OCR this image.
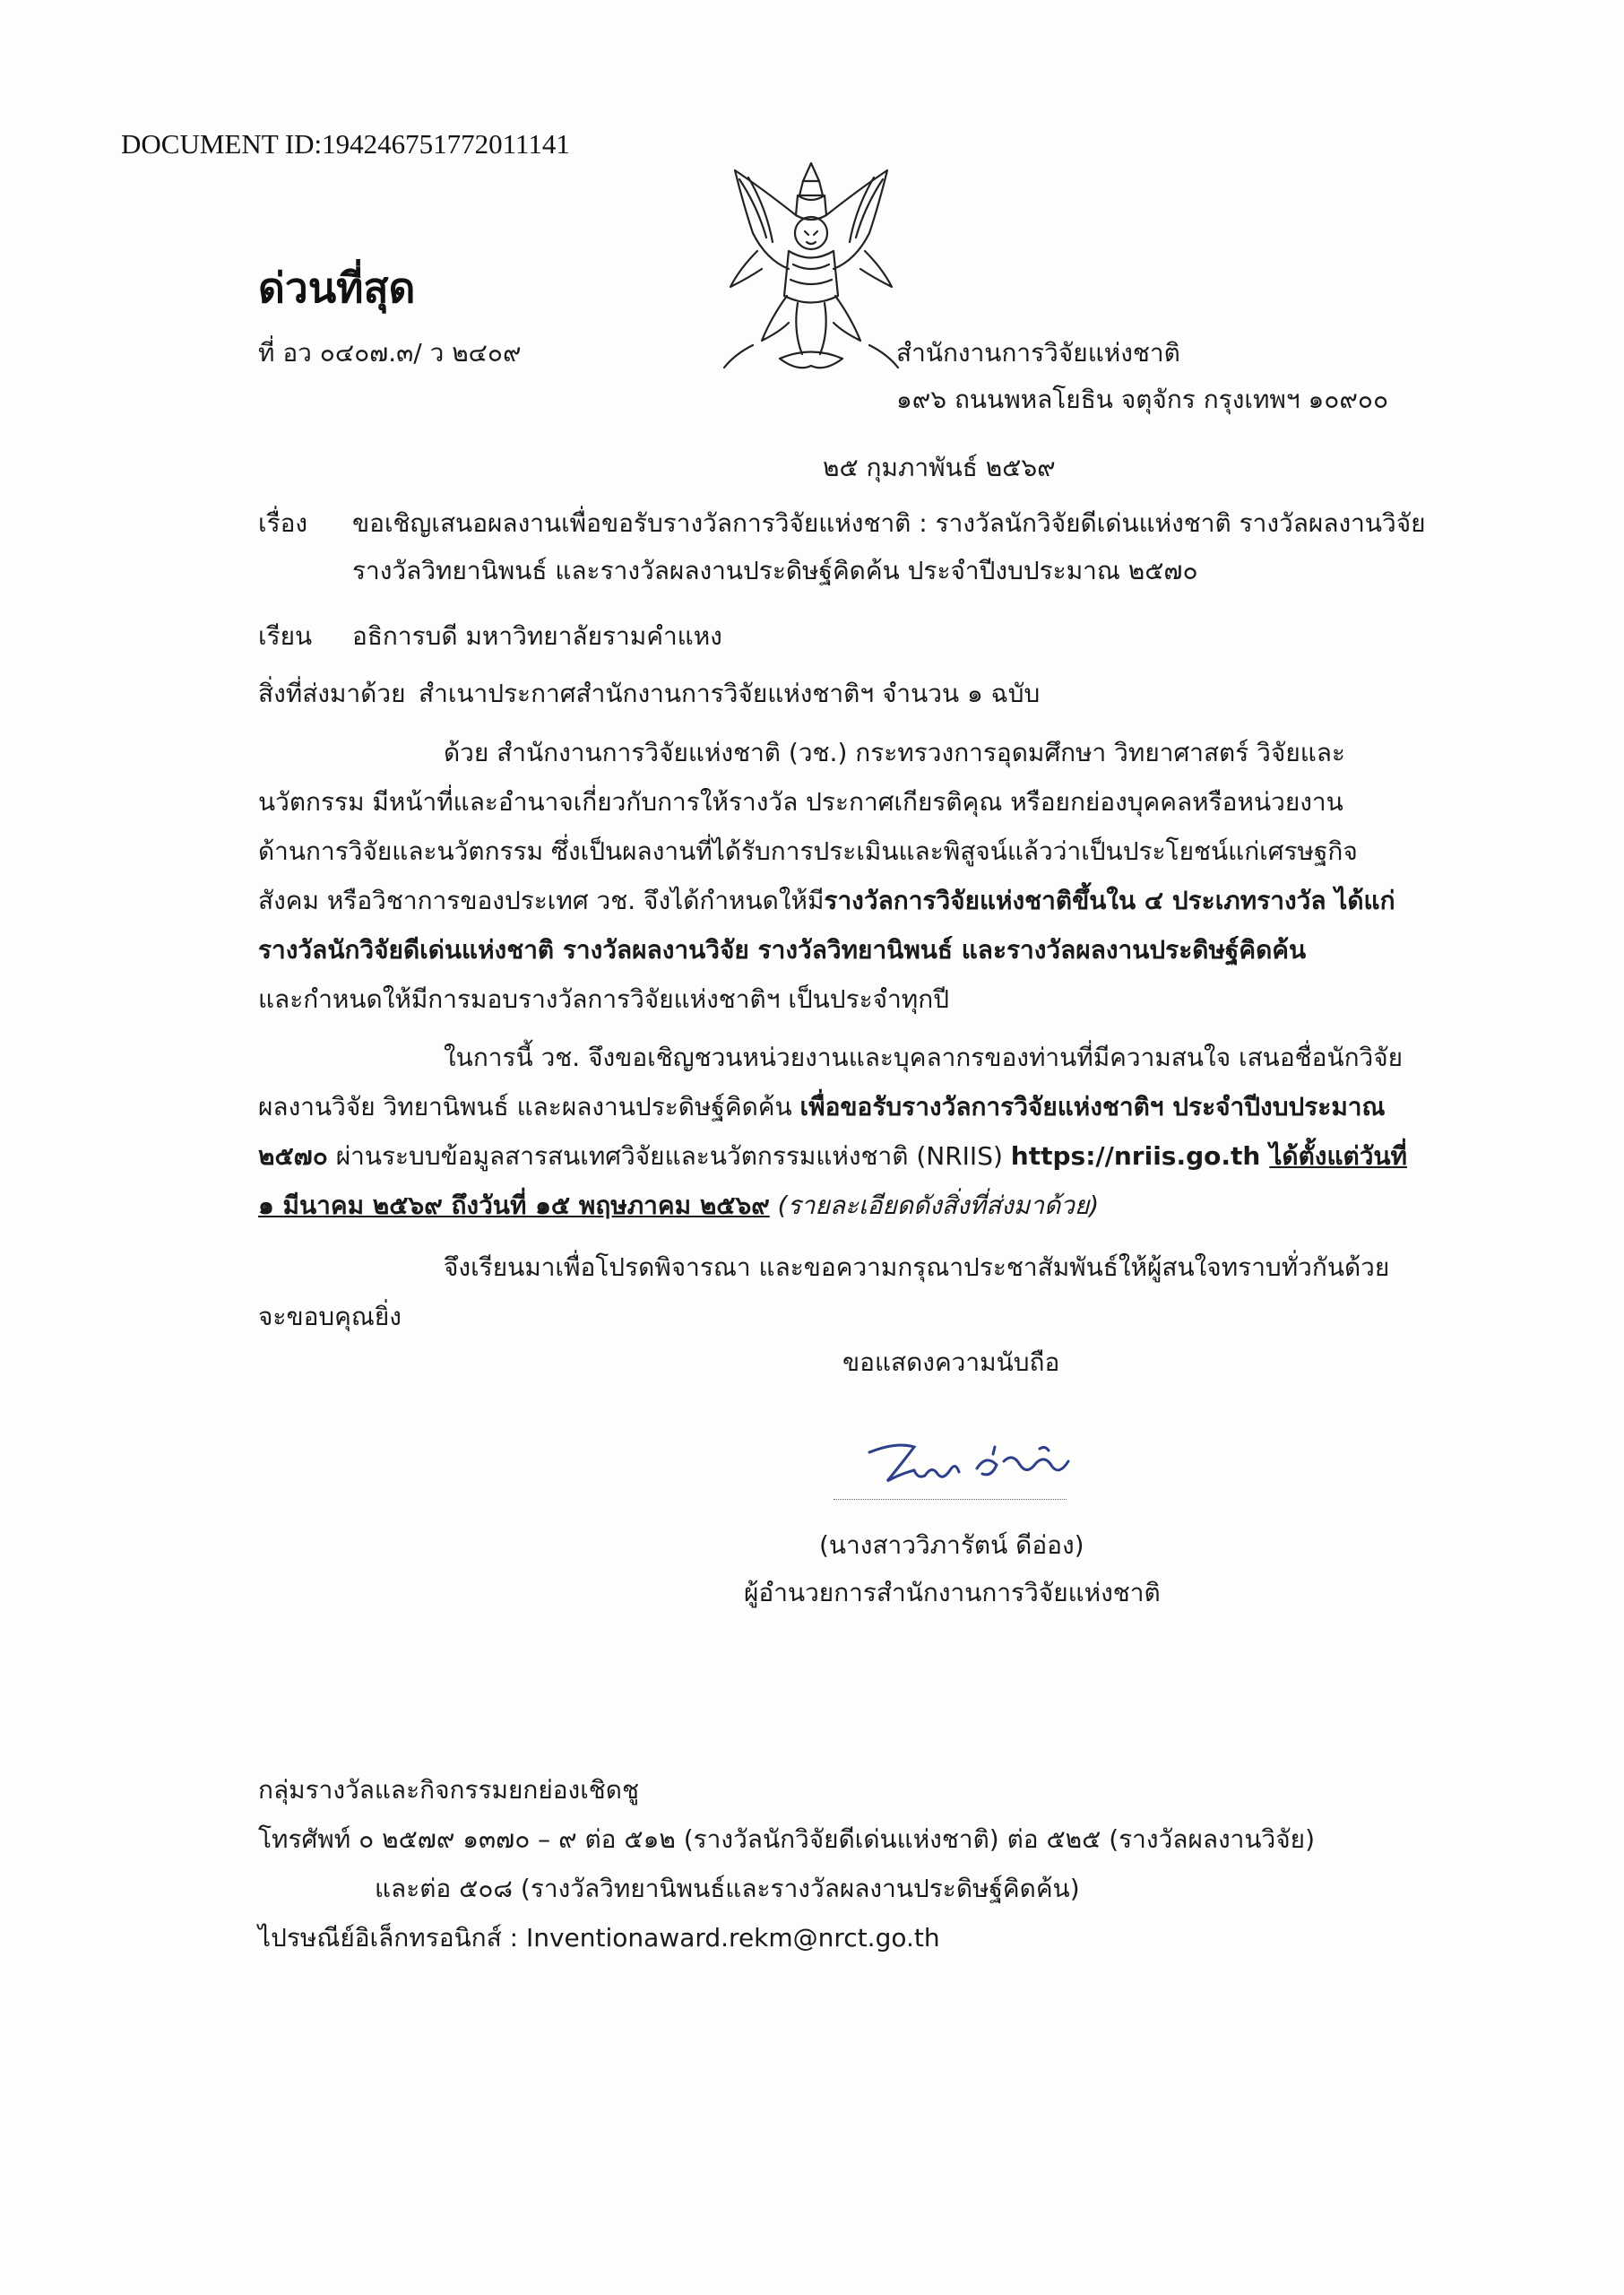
DOCUMENT ID:194246751772011141
ด่วนที่สุด
ที่ อว ๐๔๐๗.๓/ ว ๒๔๐๙	สำนักงานการวิจัยแห่งชาติ
๑๙๖ ถนนพหลโยธิน จตุจักร กรุงเทพฯ ๑๐๙๐๐
๒๕ กุมภาพันธ์ ๒๕๖๙
เรื่อง ขอเชิญเสนอผลงานเพื่อขอรับรางวัลการวิจัยแห่งชาติ : รางวัลนักวิจัยดีเด่นแห่งชาติ รางวัลผลงานวิจัย
รางวัลวิทยานิพนธ์ และรางวัลผลงานประดิษฐ์คิดค้น ประจำปีงบประมาณ ๒๕๗๐
เรียน อธิการบดี มหาวิทยาลัยรามคำแหง
สิ่งที่ส่งมาด้วย สำเนาประกาศสำนักงานการวิจัยแห่งชาติฯ จำนวน ๑ ฉบับ
ด้วย สำนักงานการวิจัยแห่งชาติ (วช.) กระทรวงการอุดมศึกษา วิทยาศาสตร์ วิจัยและ
นวัตกรรม มีหน้าที่และอำนาจเกี่ยวกับการให้รางวัล ประกาศเกียรติคุณ หรือยกย่องบุคคลหรือหน่วยงาน
ด้านการวิจัยและนวัตกรรม ซึ่งเป็นผลงานที่ได้รับการประเมินและพิสูจน์แล้วว่าเป็นประโยชน์แก่เศรษฐกิจ
สังคม หรือวิชาการของประเทศ วช. จึงได้กำหนดให้มีรางวัลการวิจัยแห่งชาติขึ้นใน ๔ ประเภทรางวัล ได้แก่
รางวัลนักวิจัยดีเด่นแห่งชาติ รางวัลผลงานวิจัย รางวัลวิทยานิพนธ์ และรางวัลผลงานประดิษฐ์คิดค้น
และกำหนดให้มีการมอบรางวัลการวิจัยแห่งชาติฯ เป็นประจำทุกปี
ในการนี้ วช. จึงขอเชิญชวนหน่วยงานและบุคลากรของท่านที่มีความสนใจ เสนอชื่อนักวิจัย
ผลงานวิจัย วิทยานิพนธ์ และผลงานประดิษฐ์คิดค้น เพื่อขอรับรางวัลการวิจัยแห่งชาติฯ ประจำปีงบประมาณ
๒๕๗๐ ผ่านระบบข้อมูลสารสนเทศวิจัยและนวัตกรรมแห่งชาติ (NRIIS) https://nriis.go.th ได้ตั้งแต่วันที่
๑ มีนาคม ๒๕๖๙ ถึงวันที่ ๑๕ พฤษภาคม ๒๕๖๙ (รายละเอียดดังสิ่งที่ส่งมาด้วย)
จึงเรียนมาเพื่อโปรดพิจารณา และขอความกรุณาประชาสัมพันธ์ให้ผู้สนใจทราบทั่วกันด้วย
จะขอบคุณยิ่ง
ขอแสดงความนับถือ
(นางสาววิภารัตน์ ดีอ่อง)
ผู้อำนวยการสำนักงานการวิจัยแห่งชาติ
กลุ่มรางวัลและกิจกรรมยกย่องเชิดชู
โทรศัพท์ ๐ ๒๕๗๙ ๑๓๗๐ – ๙ ต่อ ๕๑๒ (รางวัลนักวิจัยดีเด่นแห่งชาติ) ต่อ ๕๒๕ (รางวัลผลงานวิจัย)
และต่อ ๕๐๘ (รางวัลวิทยานิพนธ์และรางวัลผลงานประดิษฐ์คิดค้น)
ไปรษณีย์อิเล็กทรอนิกส์ : Inventionaward.rekm@nrct.go.th
